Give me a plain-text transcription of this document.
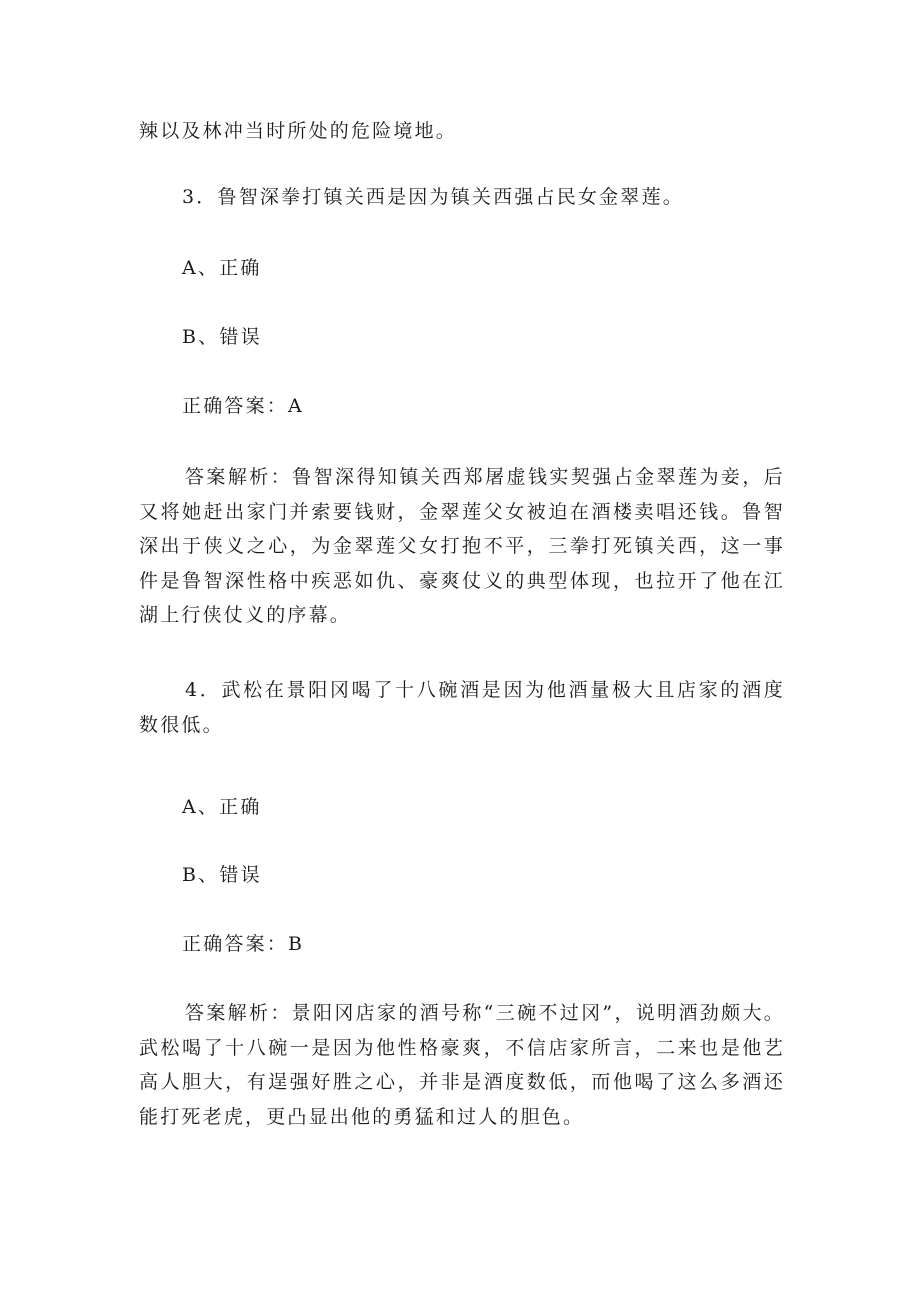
辣以及林冲当时所处的危险境地。
3．鲁智深拳打镇关西是因为镇关西强占民女金翠莲。
A、正确
B、错误
正确答案：A
答案解析：鲁智深得知镇关西郑屠虚钱实契强占金翠莲为妾，后又将她赶出家门并索要钱财，金翠莲父女被迫在酒楼卖唱还钱。鲁智深出于侠义之心，为金翠莲父女打抱不平，三拳打死镇关西，这一事件是鲁智深性格中疾恶如仇、豪爽仗义的典型体现，也拉开了他在江湖上行侠仗义的序幕。
4．武松在景阳冈喝了十八碗酒是因为他酒量极大且店家的酒度数很低。
A、正确
B、错误
正确答案：B
答案解析：景阳冈店家的酒号称“三碗不过冈”，说明酒劲颇大。武松喝了十八碗一是因为他性格豪爽，不信店家所言，二来也是他艺高人胆大，有逞强好胜之心，并非是酒度数低，而他喝了这么多酒还能打死老虎，更凸显出他的勇猛和过人的胆色。
